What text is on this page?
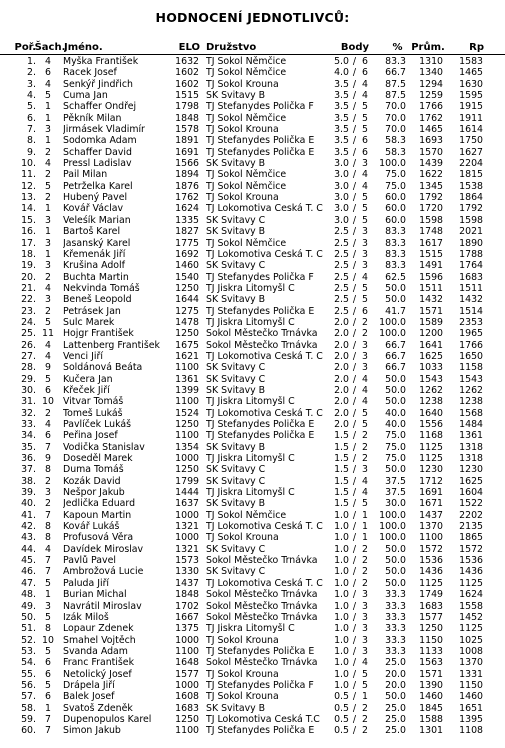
HODNOCENÍ JEDNOTLIVCŮ:
Poř.
Šach.
Jméno.	ELO Družstvo	Body	% Prům.	Rp
1. 4	Myška František	1632 TJ Sokol Němčice	5.0 / 6	83.3	1310	1583
2. 6	Racek Josef	1602 TJ Sokol Němčice	4.0 / 6	66.7	1340	1465
3. 4	Šenkýř Jindřich	1602 TJ Sokol Krouna	3.5 / 4	87.5	1294	1630
4. 5	Čuma Jan	1515 ŠK Svitavy B	3.5 / 4	87.5	1259	1595
5. 1	Schaffer Ondřej	1798 TJ Štefanydes Polička F	3.5 / 5	70.0	1766	1915
6. 1	Pěkník Milan	1848 TJ Sokol Němčice	3.5 / 5	70.0	1762	1911
7. 3	Jirmásek Vladimír	1578 TJ Sokol Krouna	3.5 / 5	70.0	1465	1614
8. 1	Sodomka Adam	1891 TJ Štefanydes Polička E	3.5 / 6	58.3	1693	1750
9. 2	Schaffer David	1691 TJ Štefanydes Polička E	3.5 / 6	58.3	1570	1627
10. 4	Pressl Ladislav	1566 ŠK Svitavy B	3.0 / 3	100.0	1439	2204
11. 2	Pail Milan	1894 TJ Sokol Němčice	3.0 / 4	75.0	1622	1815
12. 5	Petrželka Karel	1876 TJ Sokol Němčice	3.0 / 4	75.0	1345	1538
13. 2	Hubený Pavel	1762 TJ Sokol Krouna	3.0 / 5	60.0	1792	1864
14. 1	Kovář Václav	1624 TJ Lokomotiva Česká T. C	3.0 / 5	60.0	1720	1792
15. 3	Veleśík Marian	1335 ŠK Svitavy C	3.0 / 5	60.0	1598	1598
16. 1	Bartoš Karel	1827 ŠK Svitavy B	2.5 / 3	83.3	1748	2021
17. 3	Jasanský Karel	1775 TJ Sokol Němčice	2.5 / 3	83.3	1617	1890
18. 1	Křemenák Jiří	1692 TJ Lokomotiva Česká T. C	2.5 / 3	83.3	1515	1788
19. 3	Krušina Adolf	1460 ŠK Svitavy C	2.5 / 3	83.3	1491	1764
20. 2	Buchta Martin	1540 TJ Štefanydes Polička F	2.5 / 4	62.5	1596	1683
21. 4	Nekvinda Tomáš	1250 TJ Jiskra Litomyšl C	2.5 / 5	50.0	1511	1511
22. 3	Beneš Leopold	1644 ŠK Svitavy B	2.5 / 5	50.0	1432	1432
23. 2	Petrásek Jan	1275 TJ Štefanydes Polička E	2.5 / 6	41.7	1571	1514
24. 5	Šulc Marek	1478 TJ Jiskra Litomyšl C	2.0 / 2	100.0	1589	2353
25. 11 Hojgr František	1250 Sokol Městečko Trnávka	2.0 / 2	100.0	1200	1965
26. 4	Lattenberg František	1675 Sokol Městečko Trnávka	2.0 / 3	66.7	1641	1766
27. 4	Venci Jiří	1621 TJ Lokomotiva Česká T. C	2.0 / 3	66.7	1625	1650
28. 9	Soldánová Beáta	1100 ŠK Svitavy C	2.0 / 3	66.7	1033	1158
29. 5	Kučera Jan	1361 ŠK Svitavy C	2.0 / 4	50.0	1543	1543
30. 6	Křeček Jiří	1399 ŠK Svitavy B	2.0 / 4	50.0	1262	1262
31. 10 Vitvar Tomáš	1100 TJ Jiskra Litomyšl C	2.0 / 4	50.0	1238	1238
32. 2	Tomeš Lukáš	1524 TJ Lokomotiva Česká T. C	2.0 / 5	40.0	1640	1568
33. 4	Pavlíček Lukáš	1250 TJ Štefanydes Polička E	2.0 / 5	40.0	1556	1484
34. 6	Peřina Josef	1100 TJ Štefanydes Polička E	1.5 / 2	75.0	1168	1361
35. 7	Vodička Stanislav	1354 ŠK Svitavy B	1.5 / 2	75.0	1125	1318
36. 9	Doseděl Marek	1000 TJ Jiskra Litomyšl C	1.5 / 2	75.0	1125	1318
37. 8	Duma Tomáš	1250 ŠK Svitavy C	1.5 / 3	50.0	1230	1230
38. 2	Kozák David	1799 ŠK Svitavy C	1.5 / 4	37.5	1712	1625
39. 3	Nešpor Jakub	1444 TJ Jiskra Litomyšl C	1.5 / 4	37.5	1691	1604
40. 2	Jedlička Eduard	1637 ŠK Svitavy B	1.5 / 5	30.0	1671	1522
41. 7	Kapoun Martin	1000 TJ Sokol Němčice	1.0 / 1	100.0	1437	2202
42. 8	Kovář Lukáš	1321 TJ Lokomotiva Česká T. C	1.0 / 1	100.0	1370	2135
43. 8	Profusová Věra	1000 TJ Sokol Krouna	1.0 / 1	100.0	1100	1865
44. 4	Davídek Miroslav	1321 ŠK Svitavy C	1.0 / 2	50.0	1572	1572
45. 7	Pavlů Pavel	1573 Sokol Městečko Trnávka	1.0 / 2	50.0	1536	1536
46. 7	Ambrožová Lucie	1330 ŠK Svitavy C	1.0 / 2	50.0	1436	1436
47. 5	Paluda Jiří	1437 TJ Lokomotiva Česká T. C	1.0 / 2	50.0	1125	1125
48. 1	Burian Michal	1848 Sokol Městečko Trnávka	1.0 / 3	33.3	1749	1624
49. 3	Navrátil Miroslav	1702 Sokol Městečko Trnávka	1.0 / 3	33.3	1683	1558
50. 5	Izák Miloš	1667 Sokol Městečko Trnávka	1.0 / 3	33.3	1577	1452
51. 8	Lopaur Zdenek	1375 TJ Jiskra Litomyšl C	1.0 / 3	33.3	1250	1125
52. 10 Šmahel Vojtěch	1000 TJ Sokol Krouna	1.0 / 3	33.3	1150	1025
53. 5	Švanda Adam	1100 TJ Štefanydes Polička E	1.0 / 3	33.3	1133	1008
54. 6	Franc František	1648 Sokol Městečko Trnávka	1.0 / 4	25.0	1563	1370
55. 6	Netolický Josef	1577 TJ Sokol Krouna	1.0 / 5	20.0	1571	1331
56. 5	Drápela Jiří	1000 TJ Štefanydes Polička F	1.0 / 5	20.0	1390	1150
57. 6	Balek Josef	1608 TJ Sokol Krouna	0.5 / 1	50.0	1460	1460
58. 1	Svatoš Zdeněk	1683 ŠK Svitavy B	0.5 / 2	25.0	1845	1651
59. 7	Dupenopulos Karel	1250 TJ Lokomotiva Česká T.C	0.5 / 2	25.0	1588	1395
60. 7	Simon Jakub	1100 TJ Štefanydes Polička E	0.5 / 2	25.0	1301	1108
